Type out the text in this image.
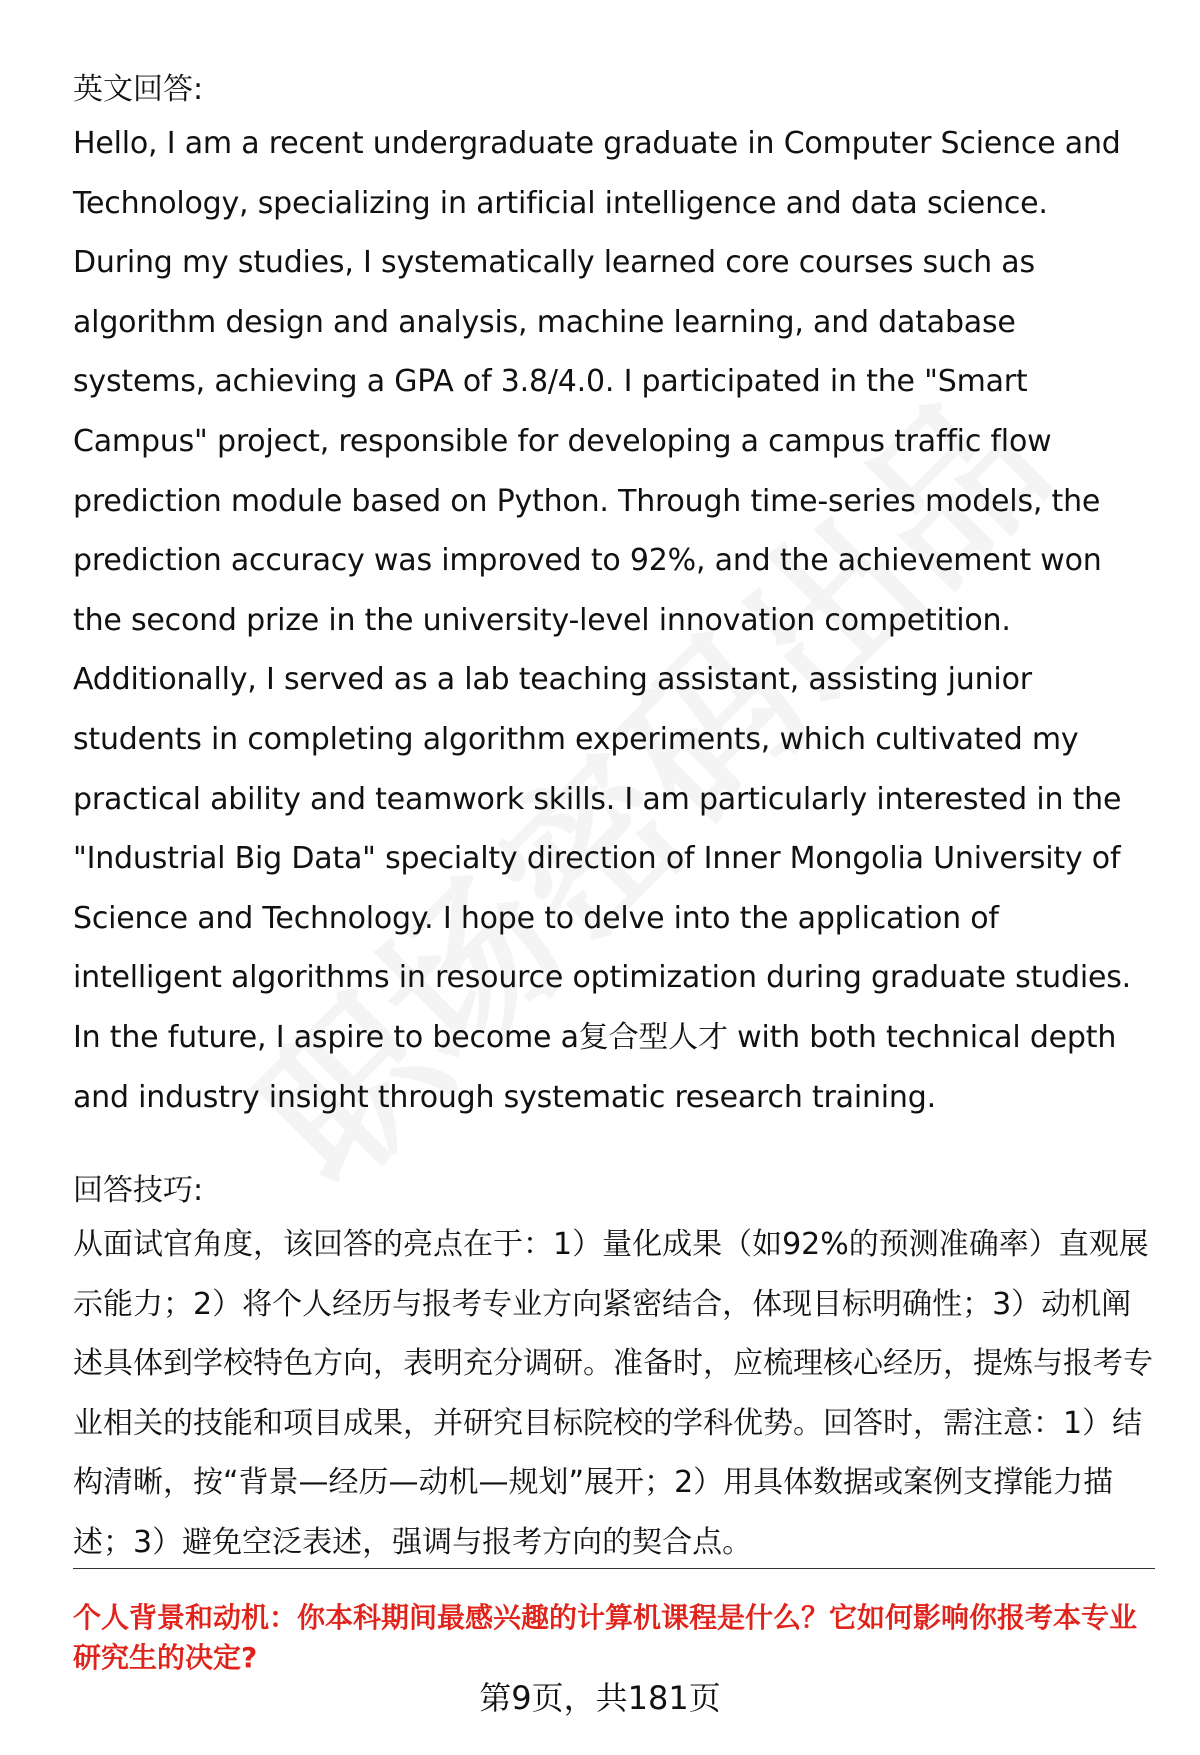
英文回答:

Hello, I am a recent undergraduate graduate in Computer Science and Technology, specializing in artificial intelligence and data science. During my studies, I systematically learned core courses such as algorithm design and analysis, machine learning, and database systems, achieving a GPA of 3.8/4.0. I participated in the "Smart Campus" project, responsible for developing a campus traffic flow prediction module based on Python. Through time-series models, the prediction accuracy was improved to 92%, and the achievement won the second prize in the university-level innovation competition. Additionally, I served as a lab teaching assistant, assisting junior students in completing algorithm experiments, which cultivated my practical ability and teamwork skills. I am particularly interested in the "Industrial Big Data" specialty direction of Inner Mongolia University of Science and Technology. I hope to delve into the application of intelligent algorithms in resource optimization during graduate studies. In the future, I aspire to become a复合型人才 with both technical depth and industry insight through systematic research training.

回答技巧:

从面试官角度，该回答的亮点在于：1）量化成果（如92%的预测准确率）直观展示能力；2）将个人经历与报考专业方向紧密结合，体现目标明确性；3）动机阐述具体到学校特色方向，表明充分调研。准备时，应梳理核心经历，提炼与报考专业相关的技能和项目成果，并研究目标院校的学科优势。回答时，需注意：1）结构清晰，按“背景—经历—动机—规划”展开；2）用具体数据或案例支撑能力描述；3）避免空泛表述，强调与报考方向的契合点。

个人背景和动机：你本科期间最感兴趣的计算机课程是什么？它如何影响你报考本专业研究生的决定?

第9页，共181页
